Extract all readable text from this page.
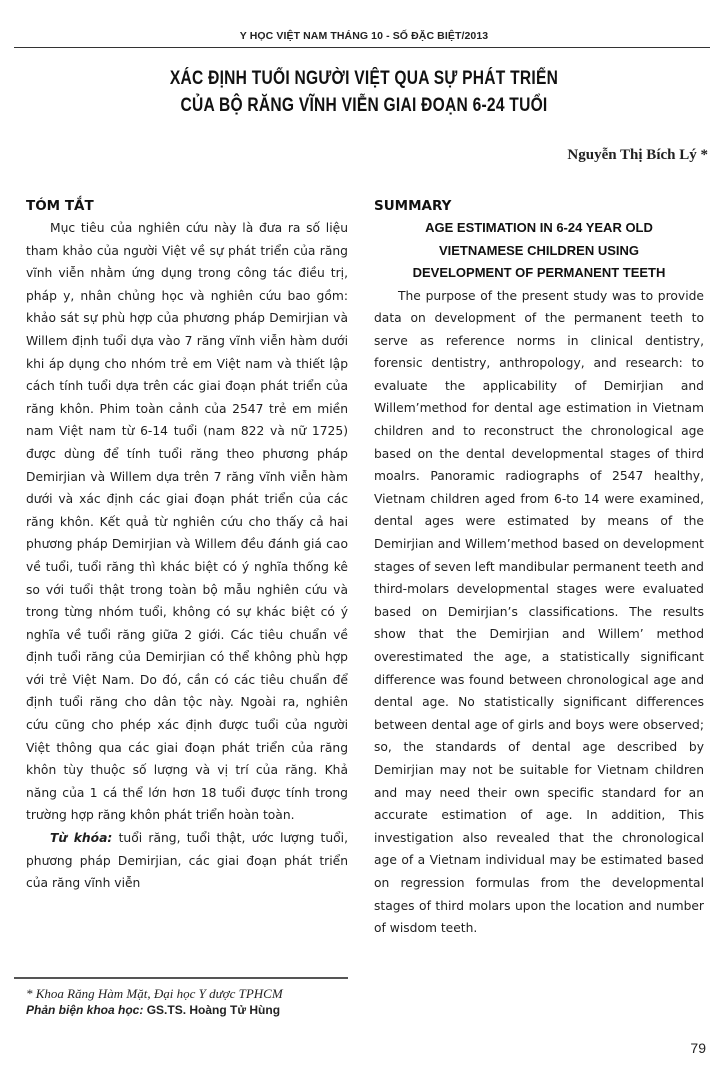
Y HỌC VIỆT NAM THÁNG 10 - SỐ ĐẶC BIỆT/2013
XÁC ĐỊNH TUỔI NGƯỜI VIỆT QUA SỰ PHÁT TRIỂN
CỦA BỘ RĂNG VĨNH VIỄN GIAI ĐOẠN 6-24 TUỔI
Nguyễn Thị Bích Lý *
TÓM TẮT

Mục tiêu của nghiên cứu này là đưa ra số liệu tham khảo của người Việt về sự phát triển của răng vĩnh viễn nhằm ứng dụng trong công tác điều trị, pháp y, nhân chủng học và nghiên cứu bao gồm: khảo sát sự phù hợp của phương pháp Demirjian và Willem định tuổi dựa vào 7 răng vĩnh viễn hàm dưới khi áp dụng cho nhóm trẻ em Việt nam và thiết lập cách tính tuổi dựa trên các giai đoạn phát triển của răng khôn. Phim toàn cảnh của 2547 trẻ em miền nam Việt nam từ 6-14 tuổi (nam 822 và nữ 1725) được dùng để tính tuổi răng theo phương pháp Demirjian và Willem dựa trên 7 răng vĩnh viễn hàm dưới và xác định các giai đoạn phát triển của các răng khôn. Kết quả từ nghiên cứu cho thấy cả hai phương pháp Demirjian và Willem đều đánh giá cao về tuổi, tuổi răng thì khác biệt có ý nghĩa thống kê so với tuổi thật trong toàn bộ mẫu nghiên cứu và trong từng nhóm tuổi, không có sự khác biệt có ý nghĩa về tuổi răng giữa 2 giới. Các tiêu chuẩn về định tuổi răng của Demirjian có thể không phù hợp với trẻ Việt Nam. Do đó, cần có các tiêu chuẩn để định tuổi răng cho dân tộc này. Ngoài ra, nghiên cứu cũng cho phép xác định được tuổi của người Việt thông qua các giai đoạn phát triển của răng khôn tùy thuộc số lượng và vị trí của răng. Khả năng của 1 cá thể lớn hơn 18 tuổi được tính trong trường hợp răng khôn phát triển hoàn toàn.

Từ khóa: tuổi răng, tuổi thật, ước lượng tuổi, phương pháp Demirjian, các giai đoạn phát triển của răng vĩnh viễn

SUMMARY

AGE ESTIMATION IN 6-24 YEAR OLD

VIETNAMESE CHILDREN USING

DEVELOPMENT OF PERMANENT TEETH

The purpose of the present study was to provide data on development of the permanent teeth to serve as reference norms in clinical dentistry, forensic dentistry, anthropology, and research: to evaluate the applicability of Demirjian and Willem’method for dental age estimation in Vietnam children and to reconstruct the chronological age based on the dental developmental stages of third moalrs. Panoramic radiographs of 2547 healthy, Vietnam children aged from 6-to 14 were examined, dental ages were estimated by means of the Demirjian and Willem’method based on development stages of seven left mandibular permanent teeth and third-molars developmental stages were evaluated based on Demirjian’s classifications. The results show that the Demirjian and Willem’ method overestimated the age, a statistically significant difference was found between chronological age and dental age. No statistically significant differences between dental age of girls and boys were observed; so, the standards of dental age described by Demirjian may not be suitable for Vietnam children and may need their own specific standard for an accurate estimation of age. In addition, This investigation also revealed that the chronological age of a Vietnam individual may be estimated based on regression formulas from the developmental stages of third molars upon the location and number of wisdom teeth.

* Khoa Răng Hàm Mặt, Đại học Y dược TPHCM
Phản biện khoa học: GS.TS. Hoàng Tử Hùng
79
